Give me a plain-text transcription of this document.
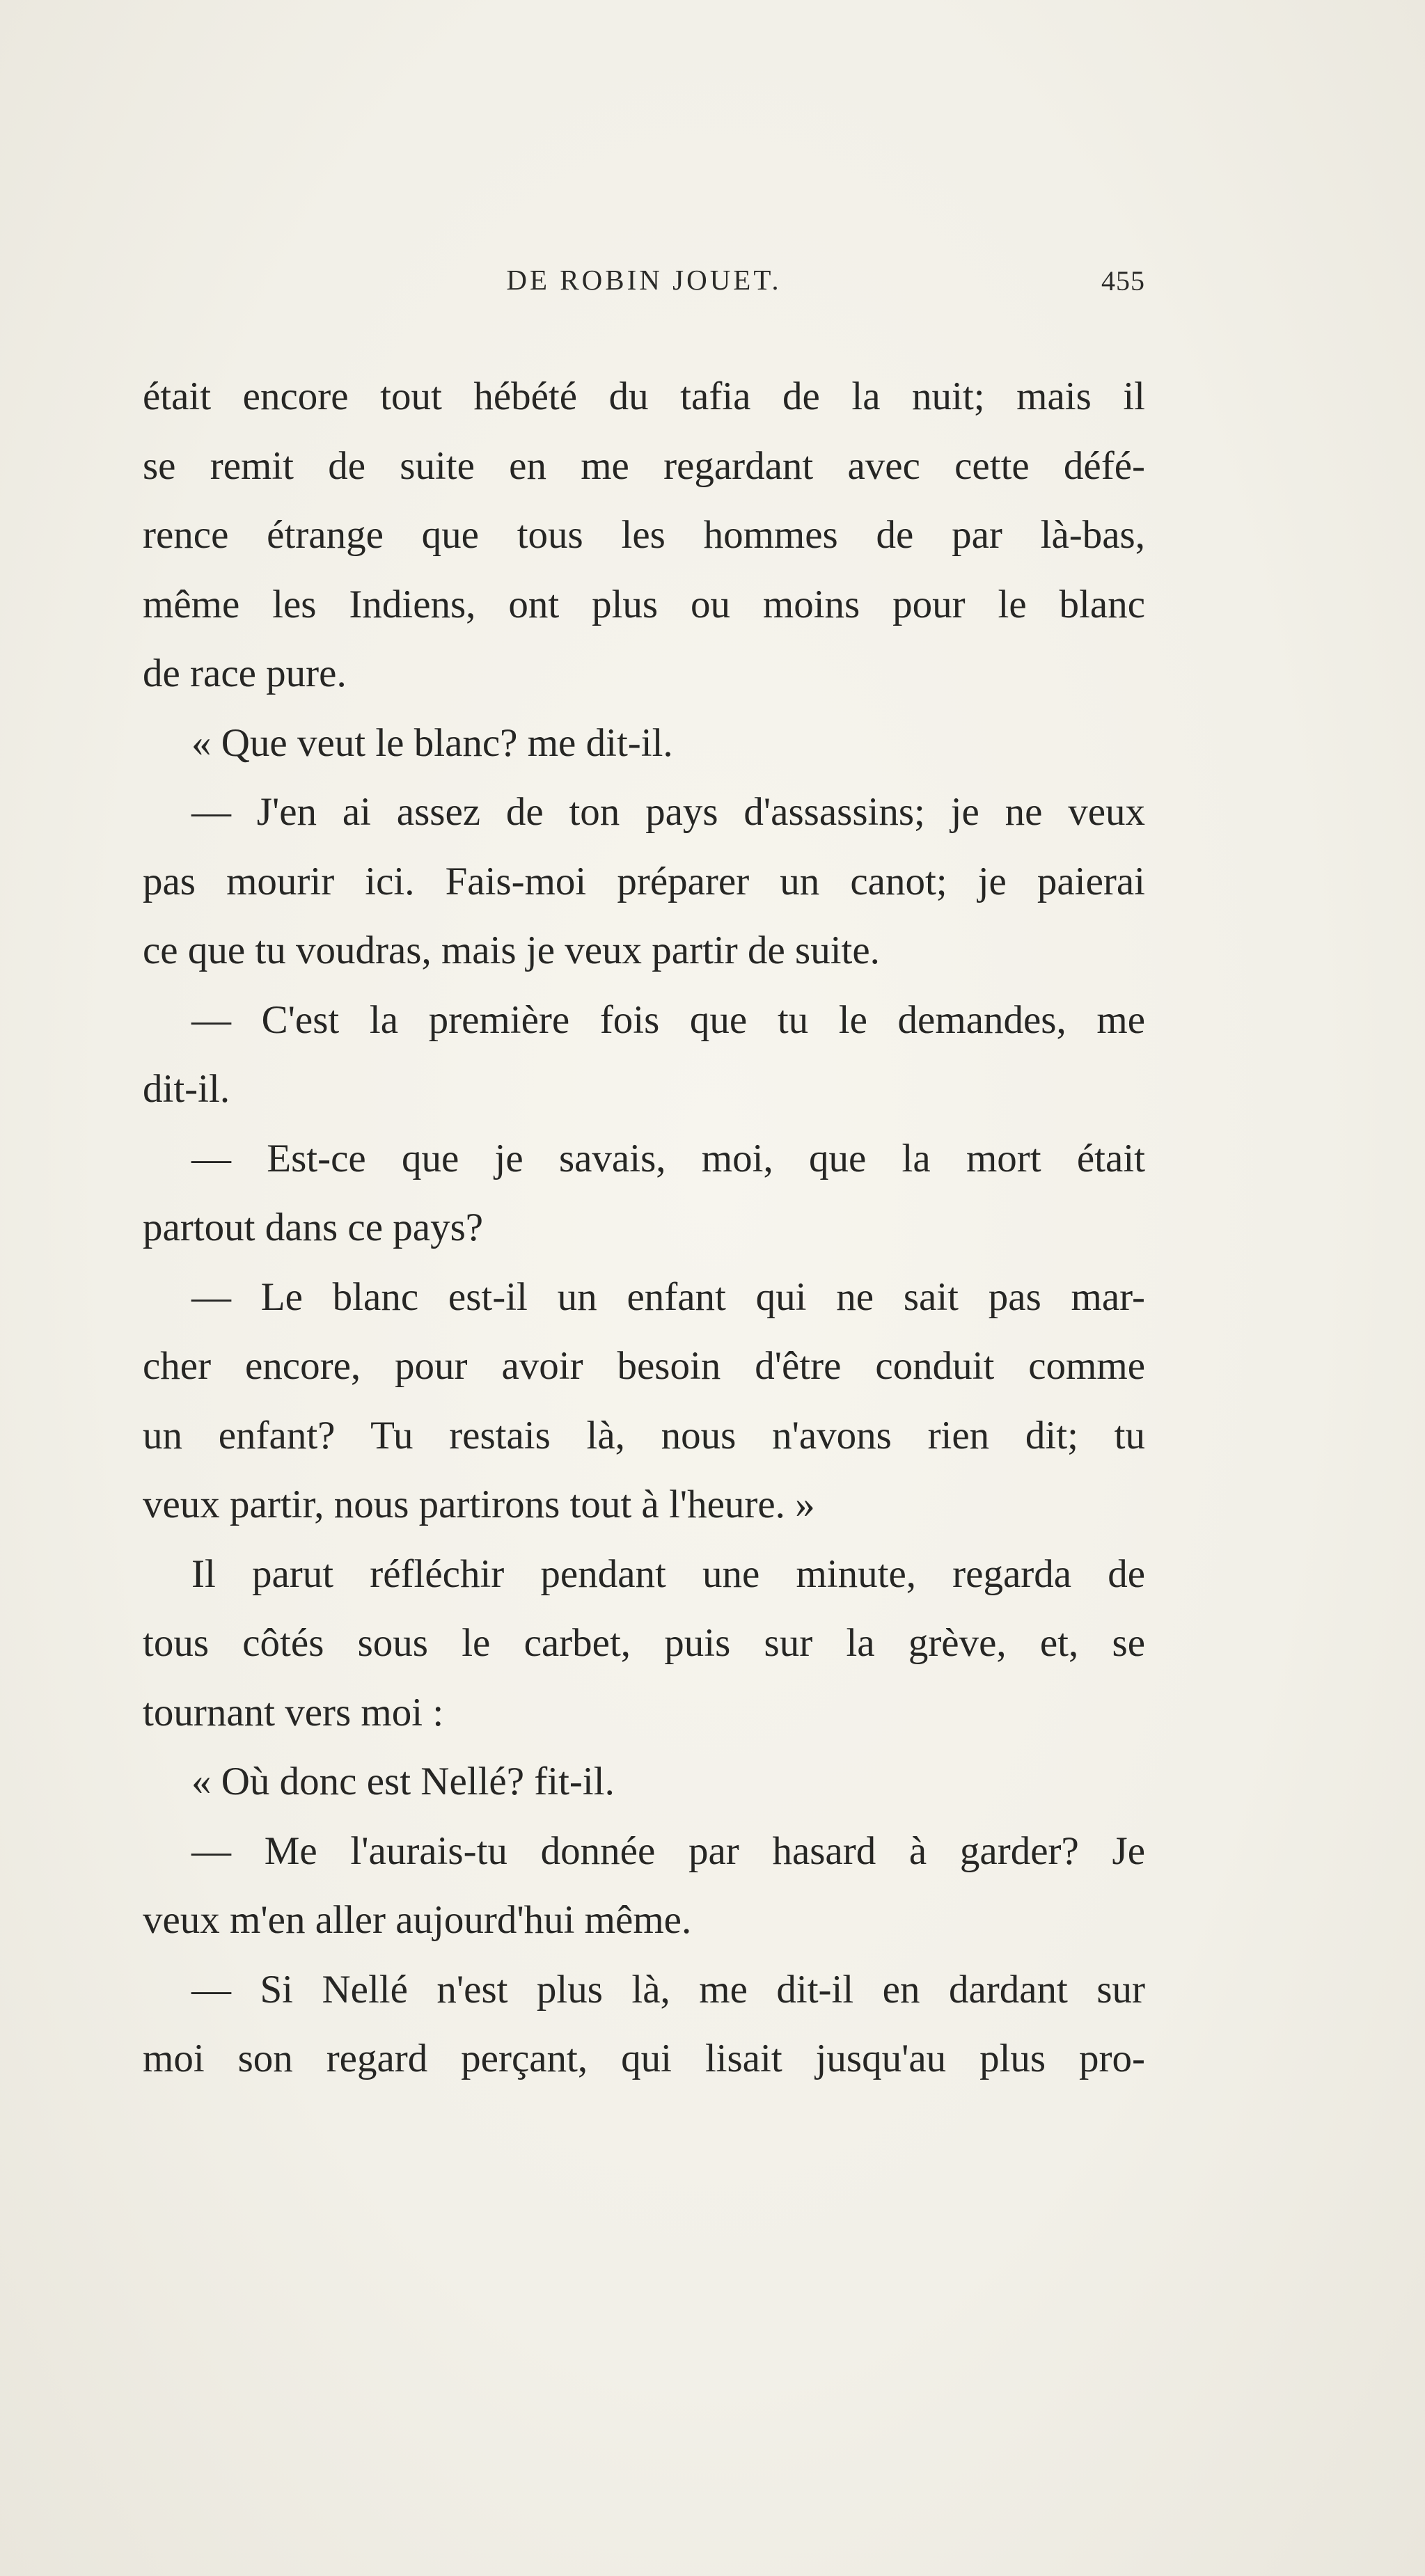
DE ROBIN JOUET.	455
était encore tout hébété du tafia de la nuit; mais il
se remit de suite en me regardant avec cette défé-
rence étrange que tous les hommes de par là-bas,
même les Indiens, ont plus ou moins pour le blanc
de race pure.
« Que veut le blanc? me dit-il.
— J'en ai assez de ton pays d'assassins; je ne veux
pas mourir ici. Fais-moi préparer un canot; je paierai
ce que tu voudras, mais je veux partir de suite.
— C'est la première fois que tu le demandes, me
dit-il.
— Est-ce que je savais, moi, que la mort était
partout dans ce pays?
— Le blanc est-il un enfant qui ne sait pas mar-
cher encore, pour avoir besoin d'être conduit comme
un enfant? Tu restais là, nous n'avons rien dit; tu
veux partir, nous partirons tout à l'heure. »
Il parut réfléchir pendant une minute, regarda de
tous côtés sous le carbet, puis sur la grève, et, se
tournant vers moi :
« Où donc est Nellé? fit-il.
— Me l'aurais-tu donnée par hasard à garder? Je
veux m'en aller aujourd'hui même.
— Si Nellé n'est plus là, me dit-il en dardant sur
moi son regard perçant, qui lisait jusqu'au plus pro-
